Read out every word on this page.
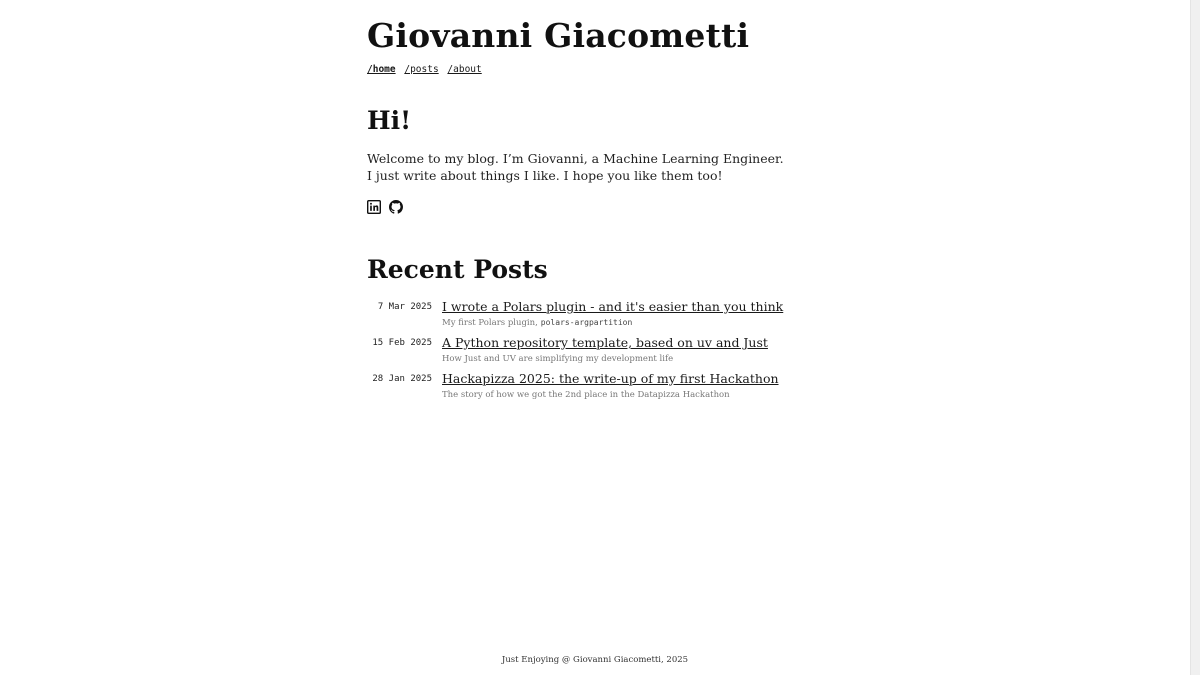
Giovanni Giacometti
/home /posts /about
Hi!

Welcome to my blog. I’m Giovanni, a Machine Learning Engineer.

I just write about things I like. I hope you like them too!

Recent Posts
7 Mar 2025 I wrote a Polars plugin - and it's easier than you think
My first Polars plugin, polars-argpartition
15 Feb 2025 A Python repository template, based on uv and Just
How Just and UV are simplifying my development life
28 Jan 2025 Hackapizza 2025: the write-up of my first Hackathon
The story of how we got the 2nd place in the Datapizza Hackathon
Just Enjoying @ Giovanni Giacometti, 2025
